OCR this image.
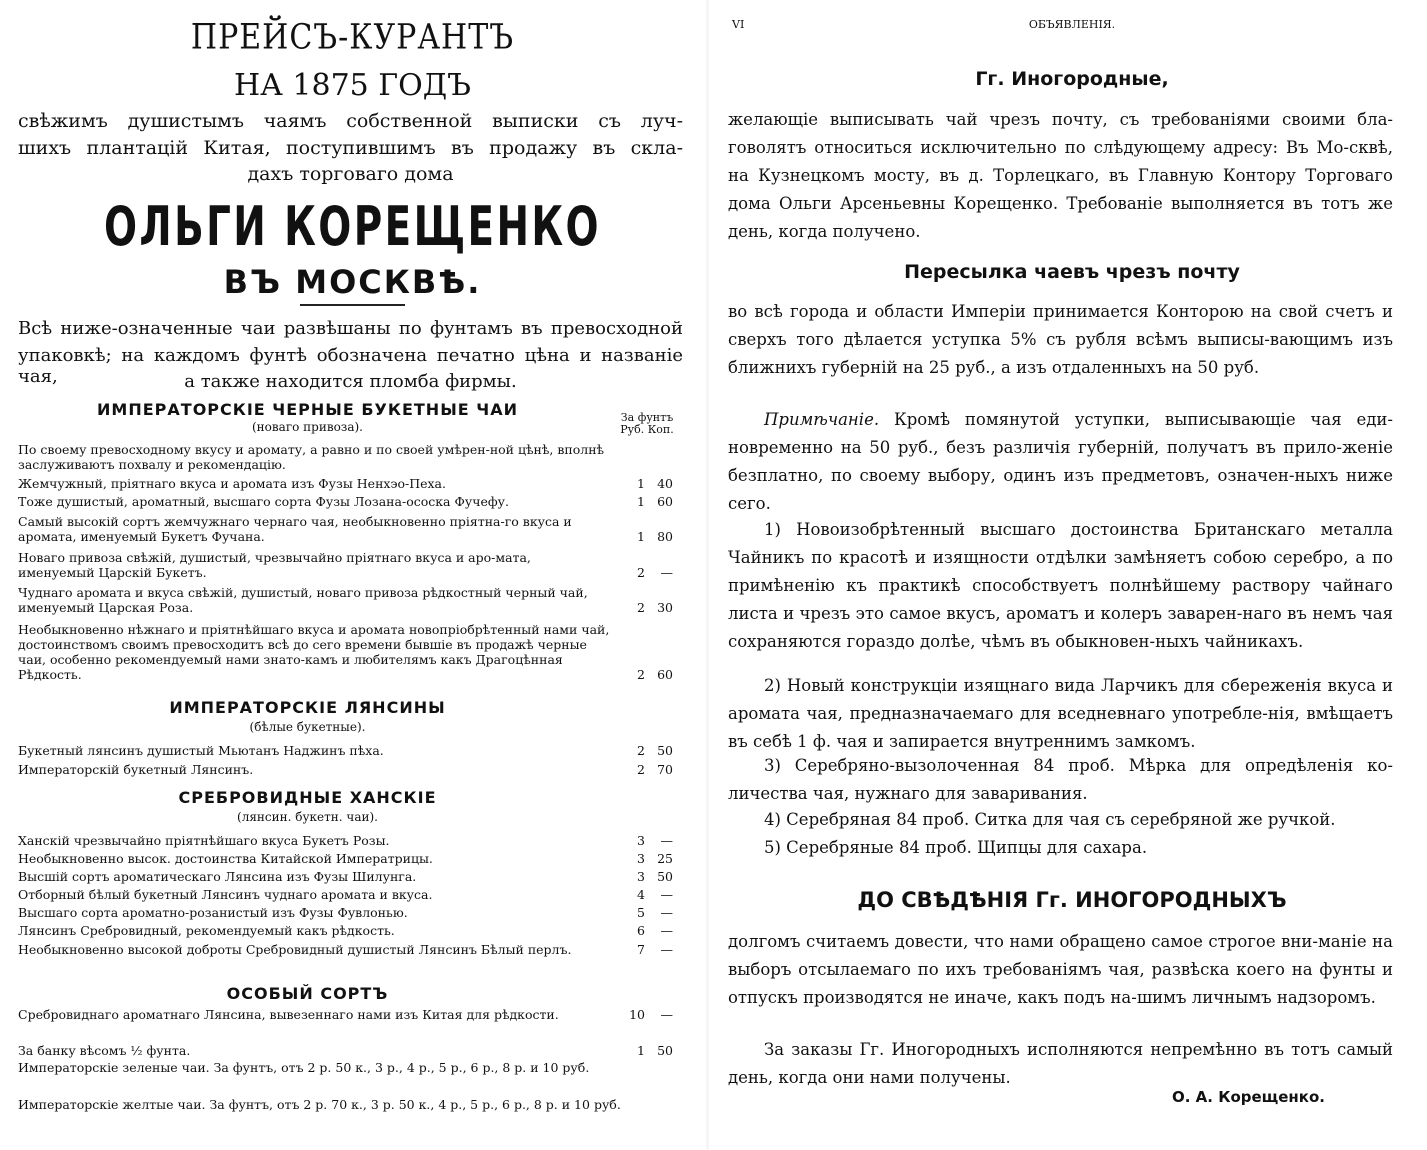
ПРЕЙСЪ-КУРАНТЪ
НА 1875 ГОДЪ
свѣжимъ душистымъ чаямъ собственной выписки съ луч-
шихъ плантацій Китая, поступившимъ въ продажу въ скла-
дахъ торговаго дома
ОЛЬГИ КОРЕЩЕНКО
ВЪ МОСКВѢ.
Всѣ ниже-означенные чаи развѣшаны по фунтамъ въ превосходной
упаковкѣ; на каждомъ фунтѣ обозначена печатно цѣна и названіе чая,	а также находится пломба фирмы.
За фунтъ
Руб. Коп.
ИМПЕРАТОРСКІЕ ЧЕРНЫЕ БУКЕТНЫЕ ЧАИ
(новаго привоза).
По своему превосходному вкусу и аромату, а равно и по своей умѣрен-ной цѣнѣ, вполнѣ заслуживаютъ похвалу и рекомендацію.
Жемчужный, пріятнаго вкуса и аромата изъ Фузы Ненхэо-Пеха.	1 40
Тоже душистый, ароматный, высшаго сорта Фузы Лозана-ососка Фучефу.	1 60
Самый высокій сортъ жемчужнаго чернаго чая, необыкновенно пріятна-го вкуса и аромата, именуемый Букетъ Фучана.	1 80
Новаго привоза свѣжій, душистый, чрезвычайно пріятнаго вкуса и аро-мата, именуемый Царскій Букетъ.	2	—
Чуднаго аромата и вкуса свѣжій, душистый, новаго привоза рѣдкостный черный чай, именуемый Царская Роза.	2 30
Необыкновенно нѣжнаго и пріятнѣйшаго вкуса и аромата новопріобрѣтенный нами чай, достоинствомъ своимъ превосходитъ всѣ до сего времени бывшіе въ продажѣ черные чаи, особенно рекомендуемый нами знато-камъ и любителямъ какъ Драгоцѣнная Рѣдкость.	2 60
ИМПЕРАТОРСКІЕ ЛЯНСИНЫ
(бѣлые букетные).
Букетный лянсинъ душистый Мьютанъ Наджинъ пѣха.	2 50
Императорскій букетный Лянсинъ.	2 70
СРЕБРОВИДНЫЕ ХАНСКІЕ
(лянсин. букетн. чаи).
Ханскій чрезвычайно пріятнѣйшаго вкуса Букетъ Розы.	3	—
Необыкновенно высок. достоинства Китайской Императрицы.	3 25
Высшій сортъ ароматическаго Лянсина изъ Фузы Шилунга.	3 50
Отборный бѣлый букетный Лянсинъ чуднаго аромата и вкуса.	4	—
Высшаго сорта ароматно-розанистый изъ Фузы Фувлонью.	5	—
Лянсинъ Сребровидный, рекомендуемый какъ рѣдкость.	6	—
Необыкновенно высокой доброты Сребровидный душистый Лянсинъ Бѣлый перлъ.	7	—
ОСОБЫЙ СОРТЪ
Сребровиднаго ароматнаго Лянсина, вывезеннаго нами изъ Китая для рѣдкости.	10	—
За банку вѣсомъ ½ фунта.	1 50
Императорскіе зеленые чаи. За фунтъ, отъ 2 р. 50 к., 3 р., 4 р., 5 р., 6 р., 8 р. и 10 руб.
Императорскіе желтые чаи. За фунтъ, отъ 2 р. 70 к., 3 р. 50 к., 4 р., 5 р., 6 р., 8 р. и 10 руб.
VI	ОБЪЯВЛЕНІЯ.
Гг. Иногородные,
желающіе выписывать чай чрезъ почту, съ требованіями своими бла-говолятъ относиться исключительно по слѣдующему адресу: Въ Мо-сквѣ, на Кузнецкомъ мосту, въ д. Торлецкаго, въ Главную Контору Торговаго дома Ольги Арсеньевны Корещенко. Требованіе выполняется въ тотъ же день, когда получено.
Пересылка чаевъ чрезъ почту
во всѣ города и области Имперіи принимается Конторою на свой счетъ и сверхъ того дѣлается уступка 5% съ рубля всѣмъ выписы-вающимъ изъ ближнихъ губерній на 25 руб., а изъ отдаленныхъ на 50 руб.
Примѣчаніе. Кромѣ помянутой уступки, выписывающіе чая еди-новременно на 50 руб., безъ различія губерній, получатъ въ прило-женіе безплатно, по своему выбору, одинъ изъ предметовъ, означен-ныхъ ниже сего.
1) Новоизобрѣтенный высшаго достоинства Британскаго металла Чайникъ по красотѣ и изящности отдѣлки замѣняетъ собою серебро, а по примѣненію къ практикѣ способствуетъ полнѣйшему раствору чайнаго листа и чрезъ это самое вкусъ, ароматъ и колеръ заварен-наго въ немъ чая сохраняются гораздо долѣе, чѣмъ въ обыкновен-ныхъ чайникахъ.
2) Новый конструкціи изящнаго вида Ларчикъ для сбереженія вкуса и аромата чая, предназначаемаго для вседневнаго употребле-нія, вмѣщаетъ въ себѣ 1 ф. чая и запирается внутреннимъ замкомъ.
3) Серебряно-вызолоченная 84 проб. Мѣрка для опредѣленія ко-личества чая, нужнаго для заваривания.
4) Серебряная 84 проб. Ситка для чая съ серебряной же ручкой.
5) Серебряные 84 проб. Щипцы для сахара.
ДО СВѢДѢНІЯ Гг. ИНОГОРОДНЫХЪ
долгомъ считаемъ довести, что нами обращено самое строгое вни-маніе на выборъ отсылаемаго по ихъ требованіямъ чая, развѣска коего на фунты и отпускъ производятся не иначе, какъ подъ на-шимъ личнымъ надзоромъ.
За заказы Гг. Иногородныхъ исполняются непремѣнно въ тотъ самый день, когда они нами получены.
О. А. Корещенко.
